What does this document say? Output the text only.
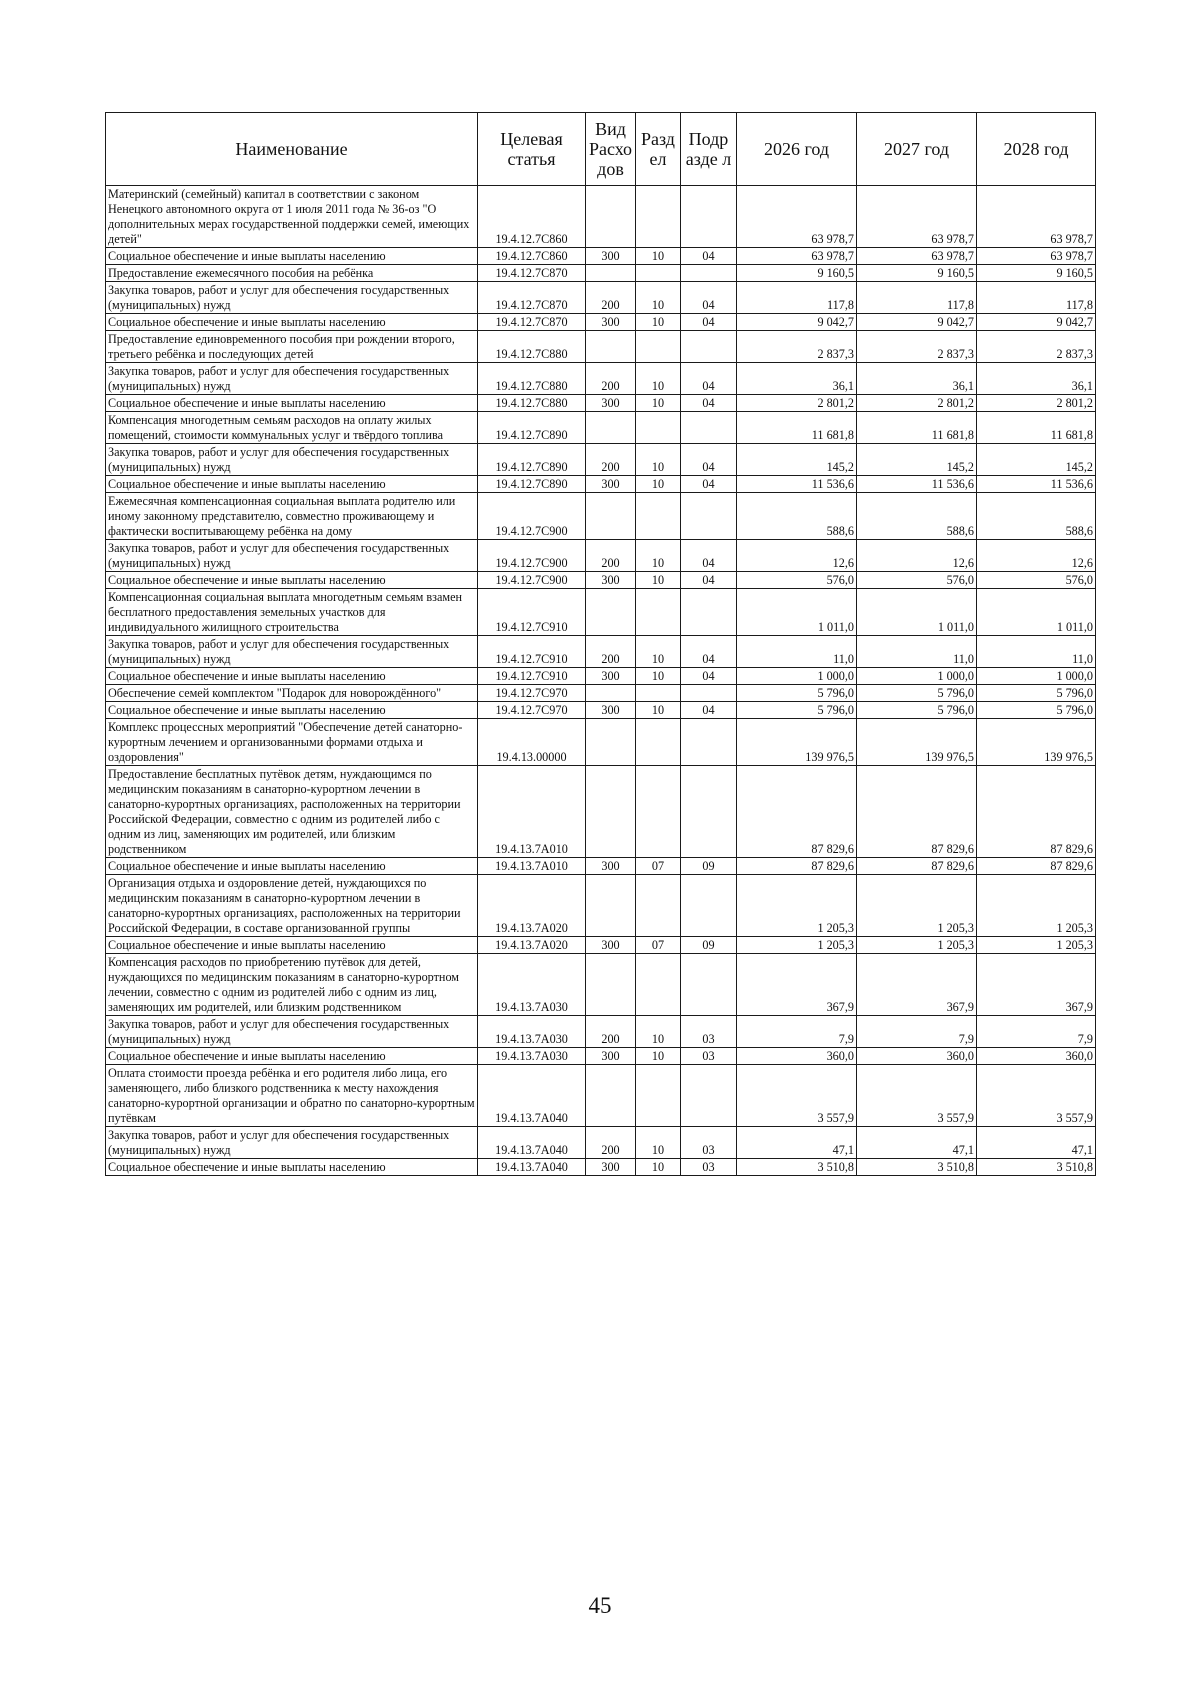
Наименование	Целевая статья	Вид Расхо дов	Разд ел	Подр азде л	2026 год	2027 год	2028 год
Материнский (семейный) капитал в соответствии с законом Ненецкого автономного округа от 1 июля 2011 года № 36-оз "О дополнительных мерах государственной поддержки семей, имеющих детей"	19.4.12.7С860				63 978,7	63 978,7	63 978,7
Социальное обеспечение и иные выплаты населению	19.4.12.7С860	300	10	04	63 978,7	63 978,7	63 978,7
Предоставление ежемесячного пособия на ребёнка	19.4.12.7С870				9 160,5	9 160,5	9 160,5
Закупка товаров, работ и услуг для обеспечения государственных (муниципальных) нужд	19.4.12.7С870	200	10	04	117,8	117,8	117,8
Социальное обеспечение и иные выплаты населению	19.4.12.7С870	300	10	04	9 042,7	9 042,7	9 042,7
Предоставление единовременного пособия при рождении второго, третьего ребёнка и последующих детей	19.4.12.7С880				2 837,3	2 837,3	2 837,3
Закупка товаров, работ и услуг для обеспечения государственных (муниципальных) нужд	19.4.12.7С880	200	10	04	36,1	36,1	36,1
Социальное обеспечение и иные выплаты населению	19.4.12.7С880	300	10	04	2 801,2	2 801,2	2 801,2
Компенсация многодетным семьям расходов на оплату жилых помещений, стоимости коммунальных услуг и твёрдого топлива	19.4.12.7С890				11 681,8	11 681,8	11 681,8
Закупка товаров, работ и услуг для обеспечения государственных (муниципальных) нужд	19.4.12.7С890	200	10	04	145,2	145,2	145,2
Социальное обеспечение и иные выплаты населению	19.4.12.7С890	300	10	04	11 536,6	11 536,6	11 536,6
Ежемесячная компенсационная социальная выплата родителю или иному законному представителю, совместно проживающему и фактически воспитывающему ребёнка на дому	19.4.12.7С900				588,6	588,6	588,6
Закупка товаров, работ и услуг для обеспечения государственных (муниципальных) нужд	19.4.12.7С900	200	10	04	12,6	12,6	12,6
Социальное обеспечение и иные выплаты населению	19.4.12.7С900	300	10	04	576,0	576,0	576,0
Компенсационная социальная выплата многодетным семьям взамен бесплатного предоставления земельных участков для индивидуального жилищного строительства	19.4.12.7С910				1 011,0	1 011,0	1 011,0
Закупка товаров, работ и услуг для обеспечения государственных (муниципальных) нужд	19.4.12.7С910	200	10	04	11,0	11,0	11,0
Социальное обеспечение и иные выплаты населению	19.4.12.7С910	300	10	04	1 000,0	1 000,0	1 000,0
Обеспечение семей комплектом "Подарок для новорождённого"	19.4.12.7С970				5 796,0	5 796,0	5 796,0
Социальное обеспечение и иные выплаты населению	19.4.12.7С970	300	10	04	5 796,0	5 796,0	5 796,0
Комплекс процессных мероприятий "Обеспечение детей санаторно-курортным лечением и организованными формами отдыха и оздоровления"	19.4.13.00000				139 976,5	139 976,5	139 976,5
Предоставление бесплатных путёвок детям, нуждающимся по медицинским показаниям в санаторно-курортном лечении в санаторно-курортных организациях, расположенных на территории Российской Федерации, совместно с одним из родителей либо с одним из лиц, заменяющих им родителей, или близким родственником	19.4.13.7А010				87 829,6	87 829,6	87 829,6
Социальное обеспечение и иные выплаты населению	19.4.13.7А010	300	07	09	87 829,6	87 829,6	87 829,6
Организация отдыха и оздоровление детей, нуждающихся по медицинским показаниям в санаторно-курортном лечении в санаторно-курортных организациях, расположенных на территории Российской Федерации, в составе организованной группы	19.4.13.7А020				1 205,3	1 205,3	1 205,3
Социальное обеспечение и иные выплаты населению	19.4.13.7А020	300	07	09	1 205,3	1 205,3	1 205,3
Компенсация расходов по приобретению путёвок для детей, нуждающихся по медицинским показаниям в санаторно-курортном лечении, совместно с одним из родителей либо с одним из лиц, заменяющих им родителей, или близким родственником	19.4.13.7А030				367,9	367,9	367,9
Закупка товаров, работ и услуг для обеспечения государственных (муниципальных) нужд	19.4.13.7А030	200	10	03	7,9	7,9	7,9
Социальное обеспечение и иные выплаты населению	19.4.13.7А030	300	10	03	360,0	360,0	360,0
Оплата стоимости проезда ребёнка и его родителя либо лица, его заменяющего, либо близкого родственника к месту нахождения санаторно-курортной организации и обратно по санаторно-курортным путёвкам	19.4.13.7А040				3 557,9	3 557,9	3 557,9
Закупка товаров, работ и услуг для обеспечения государственных (муниципальных) нужд	19.4.13.7А040	200	10	03	47,1	47,1	47,1
Социальное обеспечение и иные выплаты населению	19.4.13.7А040	300	10	03	3 510,8	3 510,8	3 510,8
45
